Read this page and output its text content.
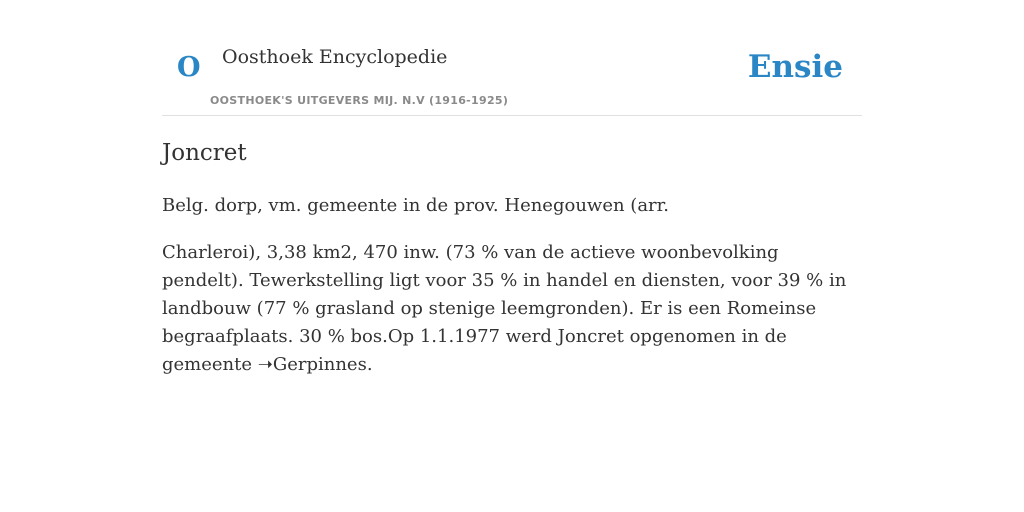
O Oosthoek Encyclopedie
OOSTHOEK'S UITGEVERS MIJ. N.V (1916-1925)
Ensie
Joncret

Belg. dorp, vm. gemeente in de prov. Henegouwen (arr.

Charleroi), 3,38 km2, 470 inw. (73 % van de actieve woonbevolking pendelt). Tewerkstelling ligt voor 35 % in handel en diensten, voor 39 % in landbouw (77 % grasland op stenige leemgronden). Er is een Romeinse begraafplaats. 30 % bos.Op 1.1.1977 werd Joncret opgenomen in de gemeente ➝Gerpinnes.
